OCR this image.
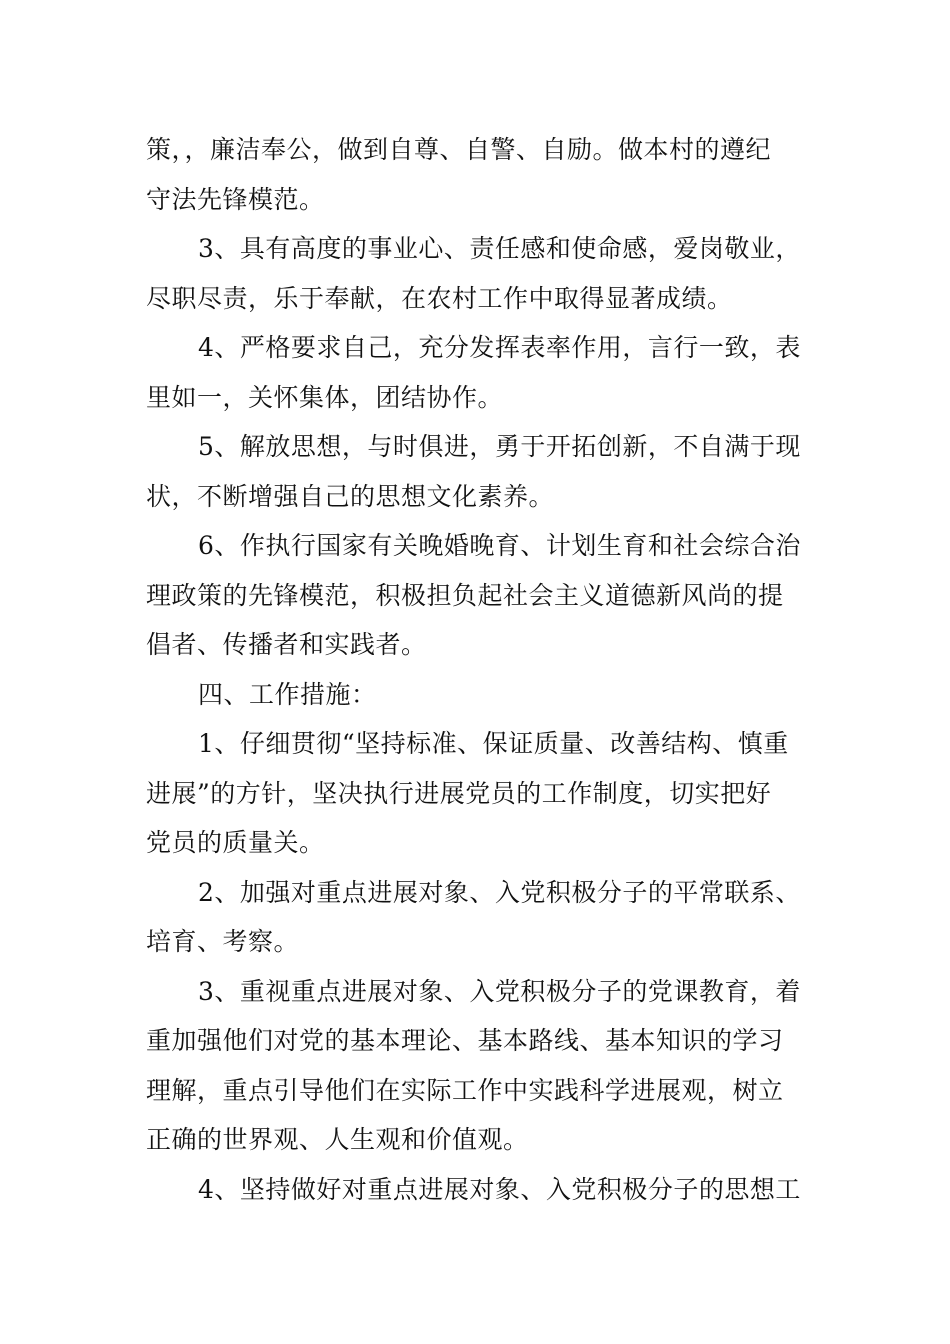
策，，廉洁奉公，做到自尊、自警、自励。做本村的遵纪
守法先锋模范。

3、具有高度的事业心、责任感和使命感，爱岗敬业，
尽职尽责，乐于奉献，在农村工作中取得显著成绩。

4、严格要求自己，充分发挥表率作用，言行一致，表
里如一，关怀集体，团结协作。

5、解放思想，与时俱进，勇于开拓创新，不自满于现
状，不断增强自己的思想文化素养。

6、作执行国家有关晚婚晚育、计划生育和社会综合治
理政策的先锋模范，积极担负起社会主义道德新风尚的提
倡者、传播者和实践者。

四、工作措施：

1、仔细贯彻“坚持标准、保证质量、改善结构、慎重
进展”的方针，坚决执行进展党员的工作制度，切实把好
党员的质量关。

2、加强对重点进展对象、入党积极分子的平常联系、
培育、考察。

3、重视重点进展对象、入党积极分子的党课教育，着
重加强他们对党的基本理论、基本路线、基本知识的学习
理解，重点引导他们在实际工作中实践科学进展观，树立
正确的世界观、人生观和价值观。

4、坚持做好对重点进展对象、入党积极分子的思想工
